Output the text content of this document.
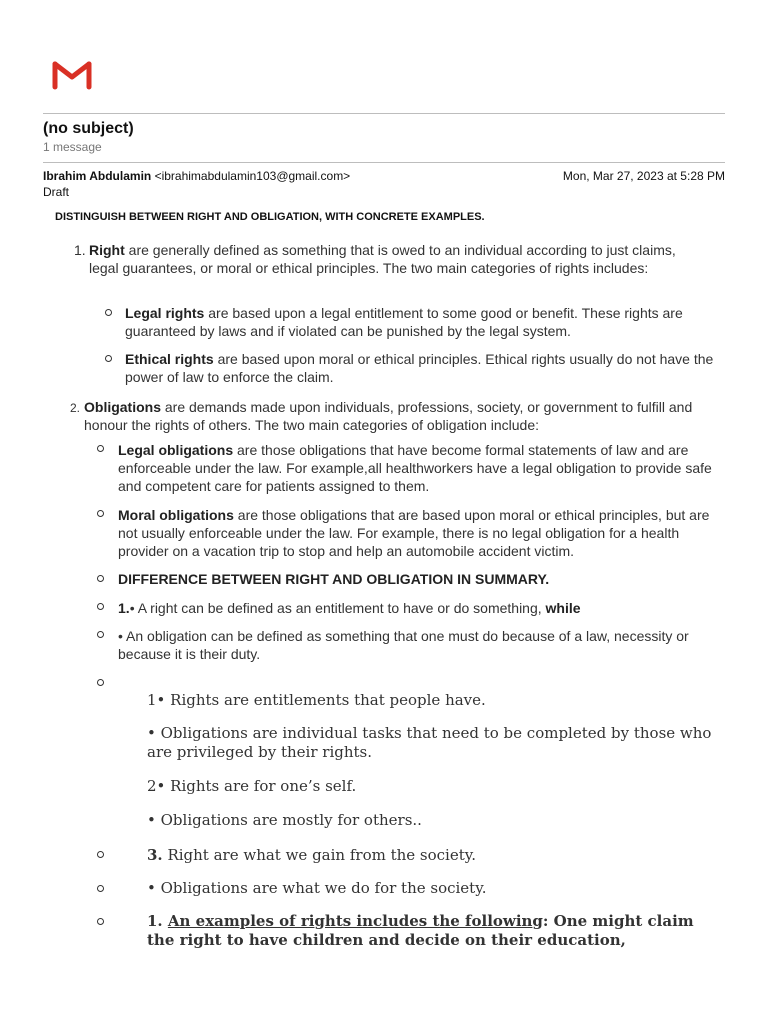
(no subject)
1 message
Ibrahim Abdulamin <ibrahimabdulamin103@gmail.com>
Draft
Mon, Mar 27, 2023 at 5:28 PM
DISTINGUISH BETWEEN RIGHT AND OBLIGATION, WITH CONCRETE EXAMPLES.
1. Right are generally defined as something that is owed to an individual according to just claims, legal guarantees, or moral or ethical principles. The two main categories of rights includes:
Legal rights are based upon a legal entitlement to some good or benefit. These rights are guaranteed by laws and if violated can be punished by the legal system.
Ethical rights are based upon moral or ethical principles. Ethical rights usually do not have the power of law to enforce the claim.
2. Obligations are demands made upon individuals, professions, society, or government to fulfill and honour the rights of others. The two main categories of obligation include:
Legal obligations are those obligations that have become formal statements of law and are enforceable under the law. For example,all healthworkers have a legal obligation to provide safe and competent care for patients assigned to them.
Moral obligations are those obligations that are based upon moral or ethical principles, but are not usually enforceable under the law. For example, there is no legal obligation for a health provider on a vacation trip to stop and help an automobile accident victim.
DIFFERENCE BETWEEN RIGHT AND OBLIGATION IN SUMMARY.
1.• A right can be defined as an entitlement to have or do something, while
• An obligation can be defined as something that one must do because of a law, necessity or because it is their duty.
1• Rights are entitlements that people have.
• Obligations are individual tasks that need to be completed by those who are privileged by their rights.
2• Rights are for one’s self.
• Obligations are mostly for others..
3. Right are what we gain from the society.
• Obligations are what we do for the society.
1. An examples of rights includes the following: One might claim the right to have children and decide on their education,
